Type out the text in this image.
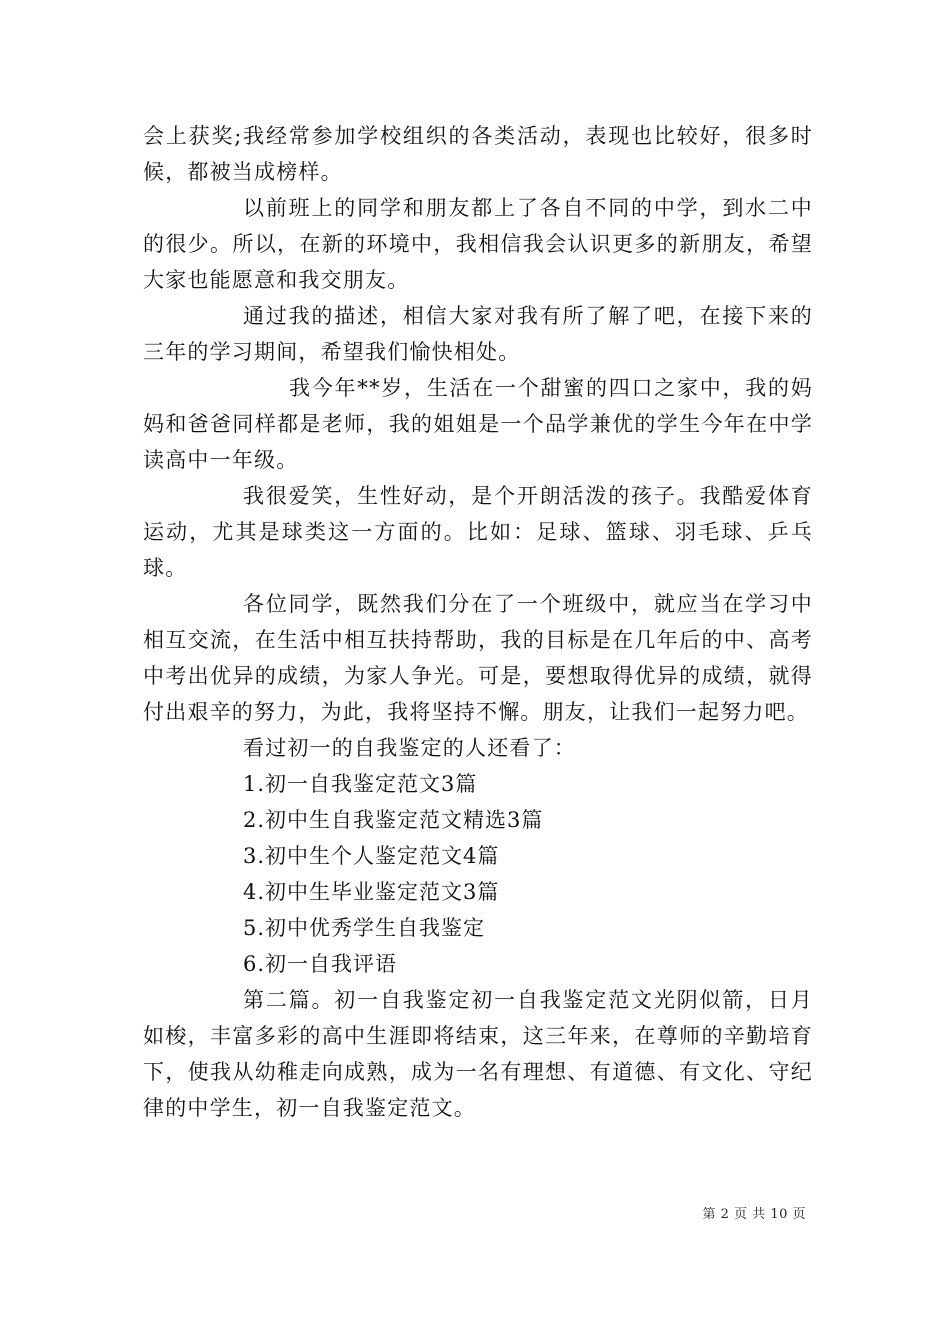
会上获奖;我经常参加学校组织的各类活动，表现也比较好，很多时候，都被当成榜样。

以前班上的同学和朋友都上了各自不同的中学，到水二中的很少。所以，在新的环境中，我相信我会认识更多的新朋友，希望大家也能愿意和我交朋友。

通过我的描述，相信大家对我有所了解了吧，在接下来的三年的学习期间，希望我们愉快相处。

我今年**岁，生活在一个甜蜜的四口之家中，我的妈妈和爸爸同样都是老师，我的姐姐是一个品学兼优的学生今年在中学读高中一年级。

我很爱笑，生性好动，是个开朗活泼的孩子。我酷爱体育运动，尤其是球类这一方面的。比如：足球、篮球、羽毛球、乒乓球。

各位同学，既然我们分在了一个班级中，就应当在学习中相互交流，在生活中相互扶持帮助，我的目标是在几年后的中、高考中考出优异的成绩，为家人争光。可是，要想取得优异的成绩，就得付出艰辛的努力，为此，我将坚持不懈。朋友，让我们一起努力吧。

看过初一的自我鉴定的人还看了：

1.初一自我鉴定范文3篇
2.初中生自我鉴定范文精选3篇
3.初中生个人鉴定范文4篇
4.初中生毕业鉴定范文3篇
5.初中优秀学生自我鉴定
6.初一自我评语

第二篇。初一自我鉴定初一自我鉴定范文光阴似箭，日月如梭，丰富多彩的高中生涯即将结束，这三年来，在尊师的辛勤培育下，使我从幼稚走向成熟，成为一名有理想、有道德、有文化、守纪律的中学生，初一自我鉴定范文。

第 2 页 共 10 页
